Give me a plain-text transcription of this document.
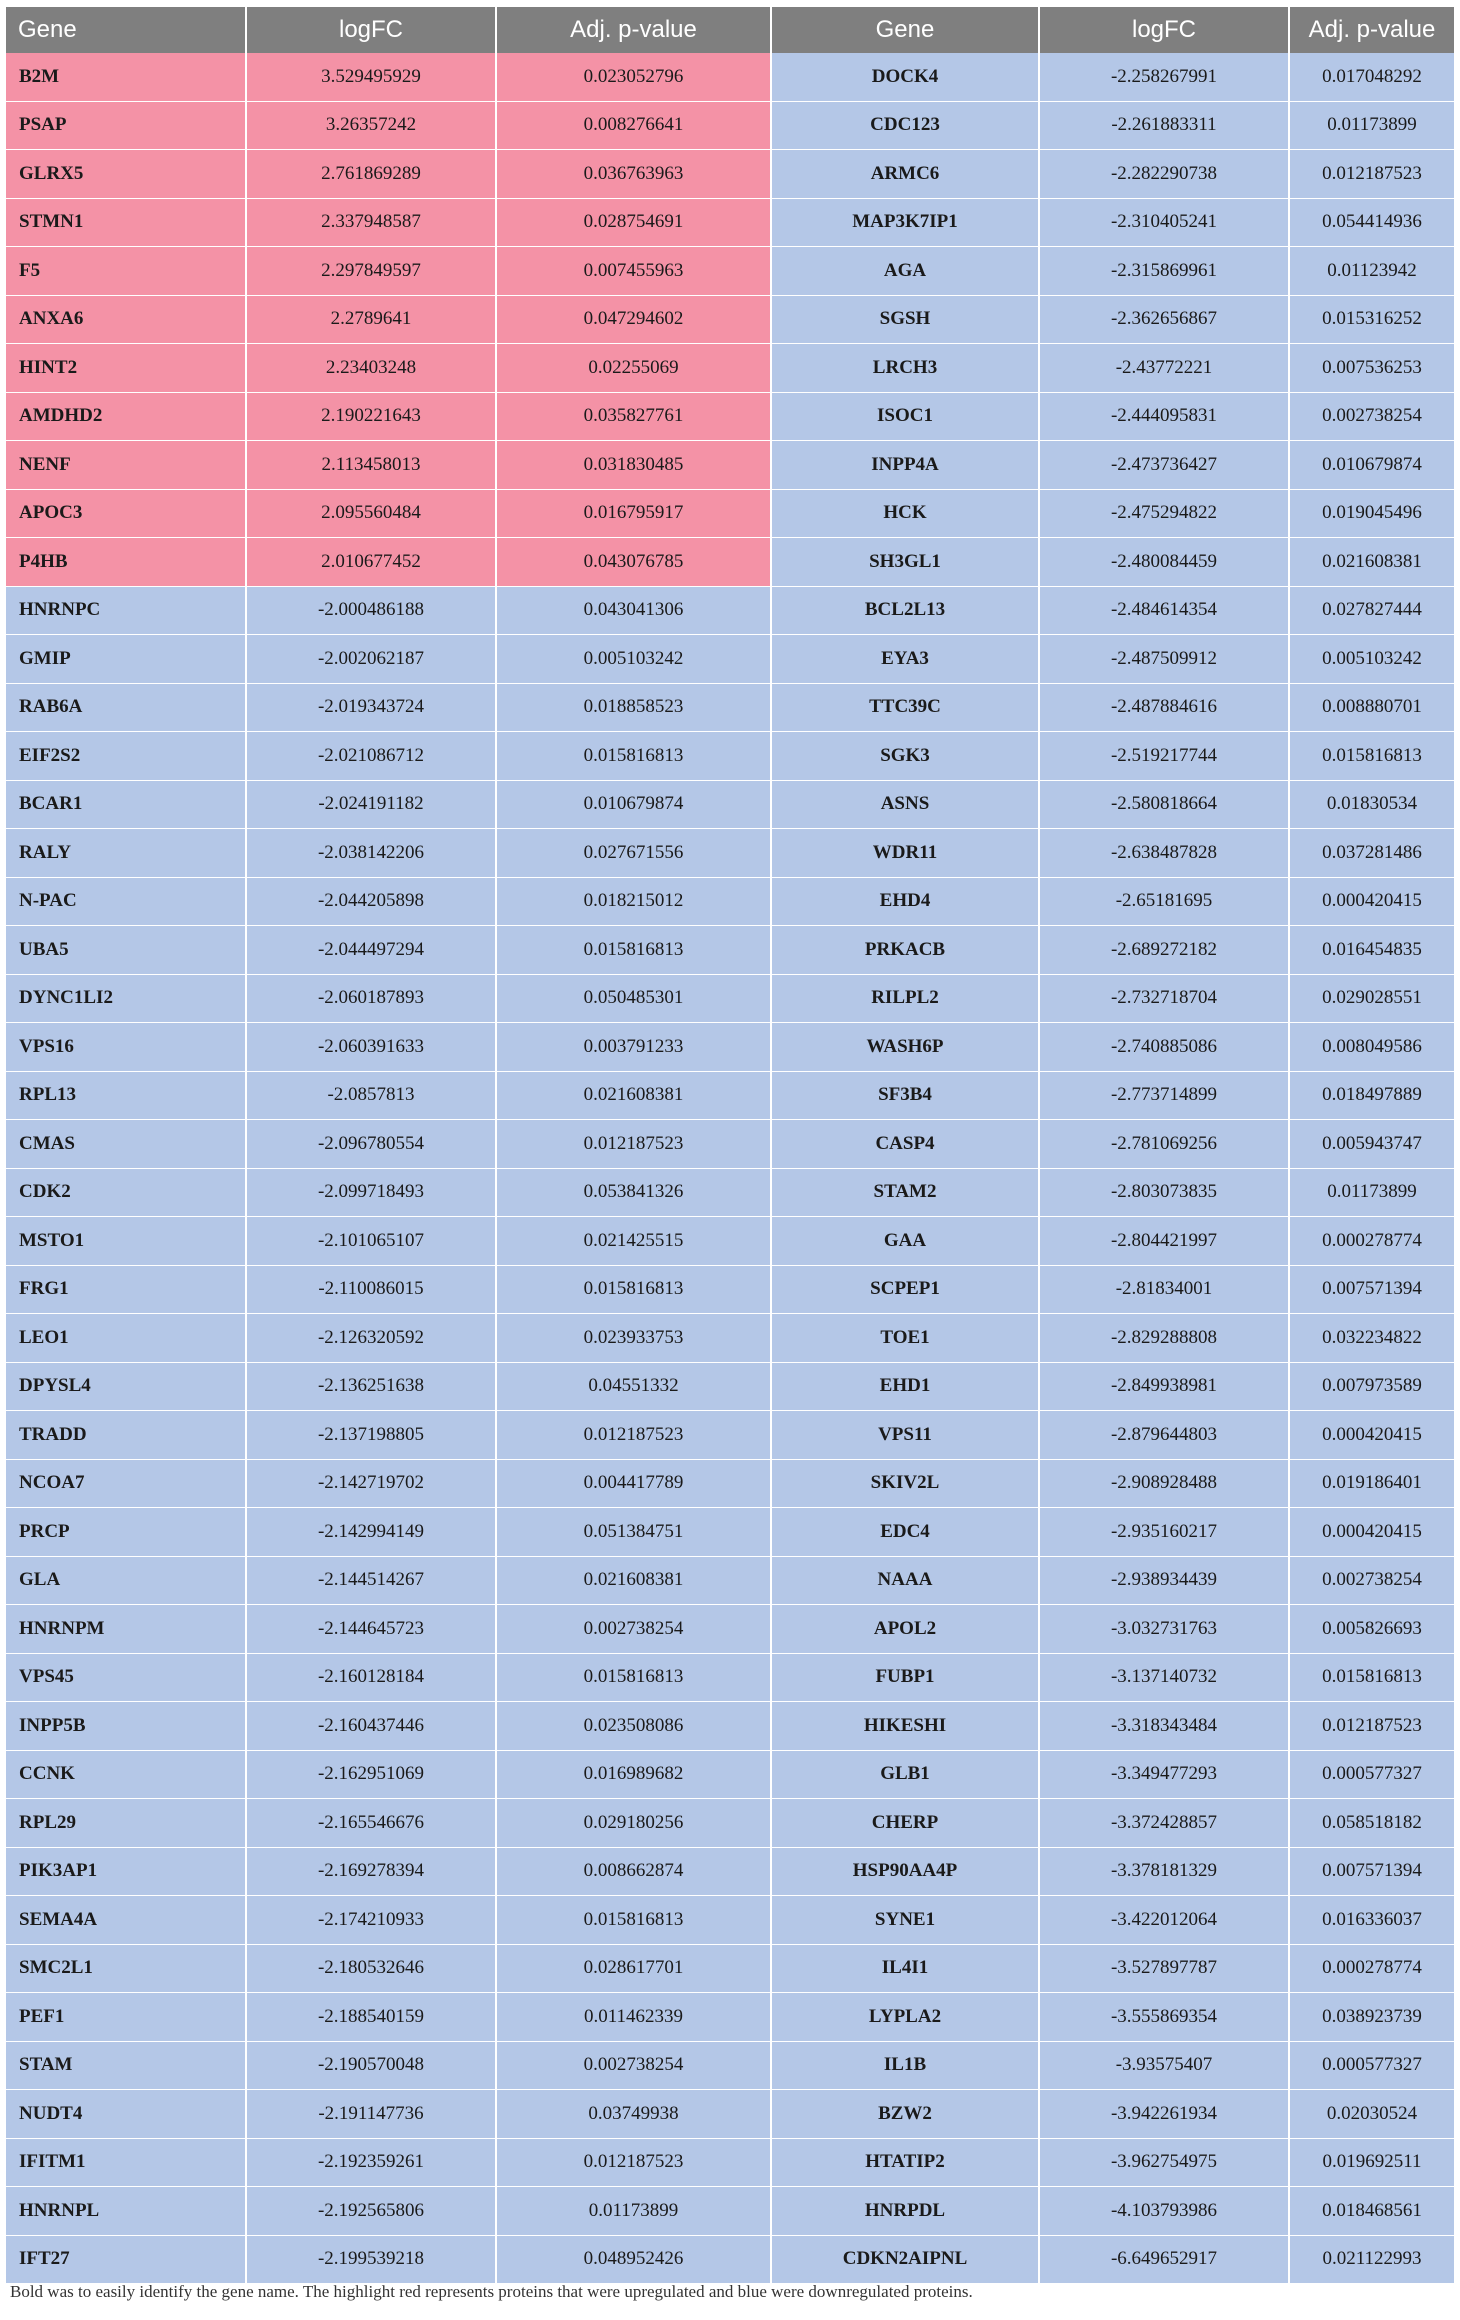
Gene	logFC	Adj. p-value	Gene	logFC	Adj. p-value
B2M	3.529495929	0.023052796	DOCK4	-2.258267991	0.017048292
PSAP	3.26357242	0.008276641	CDC123	-2.261883311	0.01173899
GLRX5	2.761869289	0.036763963	ARMC6	-2.282290738	0.012187523
STMN1	2.337948587	0.028754691	MAP3K7IP1	-2.310405241	0.054414936
F5	2.297849597	0.007455963	AGA	-2.315869961	0.01123942
ANXA6	2.2789641	0.047294602	SGSH	-2.362656867	0.015316252
HINT2	2.23403248	0.02255069	LRCH3	-2.43772221	0.007536253
AMDHD2	2.190221643	0.035827761	ISOC1	-2.444095831	0.002738254
NENF	2.113458013	0.031830485	INPP4A	-2.473736427	0.010679874
APOC3	2.095560484	0.016795917	HCK	-2.475294822	0.019045496
P4HB	2.010677452	0.043076785	SH3GL1	-2.480084459	0.021608381
HNRNPC	-2.000486188	0.043041306	BCL2L13	-2.484614354	0.027827444
GMIP	-2.002062187	0.005103242	EYA3	-2.487509912	0.005103242
RAB6A	-2.019343724	0.018858523	TTC39C	-2.487884616	0.008880701
EIF2S2	-2.021086712	0.015816813	SGK3	-2.519217744	0.015816813
BCAR1	-2.024191182	0.010679874	ASNS	-2.580818664	0.01830534
RALY	-2.038142206	0.027671556	WDR11	-2.638487828	0.037281486
N-PAC	-2.044205898	0.018215012	EHD4	-2.65181695	0.000420415
UBA5	-2.044497294	0.015816813	PRKACB	-2.689272182	0.016454835
DYNC1LI2	-2.060187893	0.050485301	RILPL2	-2.732718704	0.029028551
VPS16	-2.060391633	0.003791233	WASH6P	-2.740885086	0.008049586
RPL13	-2.0857813	0.021608381	SF3B4	-2.773714899	0.018497889
CMAS	-2.096780554	0.012187523	CASP4	-2.781069256	0.005943747
CDK2	-2.099718493	0.053841326	STAM2	-2.803073835	0.01173899
MSTO1	-2.101065107	0.021425515	GAA	-2.804421997	0.000278774
FRG1	-2.110086015	0.015816813	SCPEP1	-2.81834001	0.007571394
LEO1	-2.126320592	0.023933753	TOE1	-2.829288808	0.032234822
DPYSL4	-2.136251638	0.04551332	EHD1	-2.849938981	0.007973589
TRADD	-2.137198805	0.012187523	VPS11	-2.879644803	0.000420415
NCOA7	-2.142719702	0.004417789	SKIV2L	-2.908928488	0.019186401
PRCP	-2.142994149	0.051384751	EDC4	-2.935160217	0.000420415
GLA	-2.144514267	0.021608381	NAAA	-2.938934439	0.002738254
HNRNPM	-2.144645723	0.002738254	APOL2	-3.032731763	0.005826693
VPS45	-2.160128184	0.015816813	FUBP1	-3.137140732	0.015816813
INPP5B	-2.160437446	0.023508086	HIKESHI	-3.318343484	0.012187523
CCNK	-2.162951069	0.016989682	GLB1	-3.349477293	0.000577327
RPL29	-2.165546676	0.029180256	CHERP	-3.372428857	0.058518182
PIK3AP1	-2.169278394	0.008662874	HSP90AA4P	-3.378181329	0.007571394
SEMA4A	-2.174210933	0.015816813	SYNE1	-3.422012064	0.016336037
SMC2L1	-2.180532646	0.028617701	IL4I1	-3.527897787	0.000278774
PEF1	-2.188540159	0.011462339	LYPLA2	-3.555869354	0.038923739
STAM	-2.190570048	0.002738254	IL1B	-3.93575407	0.000577327
NUDT4	-2.191147736	0.03749938	BZW2	-3.942261934	0.02030524
IFITM1	-2.192359261	0.012187523	HTATIP2	-3.962754975	0.019692511
HNRNPL	-2.192565806	0.01173899	HNRPDL	-4.103793986	0.018468561
IFT27	-2.199539218	0.048952426	CDKN2AIPNL	-6.649652917	0.021122993
Bold was to easily identify the gene name. The highlight red represents proteins that were upregulated and blue were downregulated proteins.
